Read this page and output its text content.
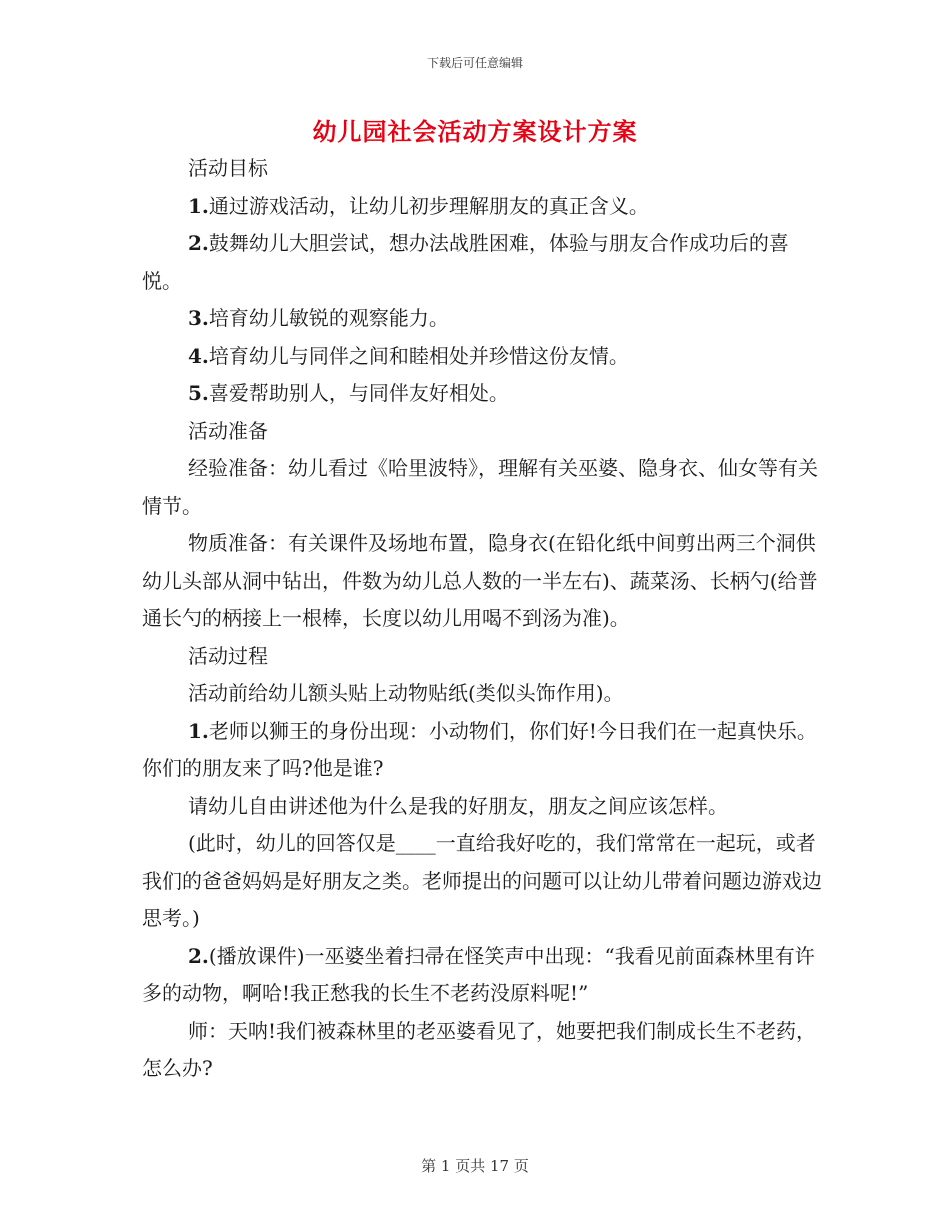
下载后可任意编辑
幼儿园社会活动方案设计方案

活动目标

1.通过游戏活动，让幼儿初步理解朋友的真正含义。

2.鼓舞幼儿大胆尝试，想办法战胜困难，体验与朋友合作成功后的喜悦。

3.培育幼儿敏锐的观察能力。

4.培育幼儿与同伴之间和睦相处并珍惜这份友情。

5.喜爱帮助别人，与同伴友好相处。

活动准备

经验准备：幼儿看过《哈里波特》，理解有关巫婆、隐身衣、仙女等有关情节。

物质准备：有关课件及场地布置，隐身衣(在铅化纸中间剪出两三个洞供幼儿头部从洞中钻出，件数为幼儿总人数的一半左右)、蔬菜汤、长柄勺(给普通长勺的柄接上一根棒，长度以幼儿用喝不到汤为准)。

活动过程

活动前给幼儿额头贴上动物贴纸(类似头饰作用)。

1.老师以狮王的身份出现：小动物们，你们好!今日我们在一起真快乐。你们的朋友来了吗?他是谁?

请幼儿自由讲述他为什么是我的好朋友，朋友之间应该怎样。

(此时，幼儿的回答仅是____一直给我好吃的，我们常常在一起玩，或者我们的爸爸妈妈是好朋友之类。老师提出的问题可以让幼儿带着问题边游戏边思考。)

2.(播放课件)一巫婆坐着扫帚在怪笑声中出现：“我看见前面森林里有许多的动物，啊哈!我正愁我的长生不老药没原料呢!”

师：天呐!我们被森林里的老巫婆看见了，她要把我们制成长生不老药，怎么办?

第 1 页共 17 页
